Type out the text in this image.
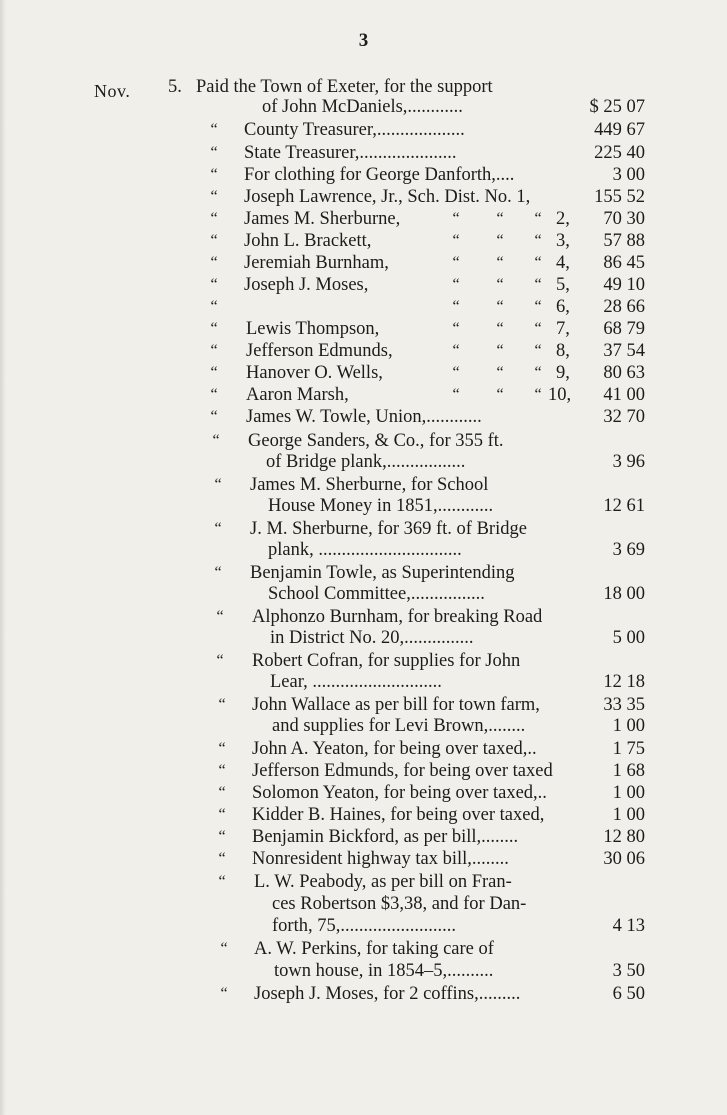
3
Nov. 5. Paid the Town of Exeter, for the support
of John McDaniels,............	$ 25 07
“ County Treasurer,...................	449 67
“ State Treasurer,.....................	225 40
“ For clothing for George Danforth,....	3 00
“ Joseph Lawrence, Jr., Sch. Dist. No. 1,	155 52
“ James M. Sherburne,	“ “ “ 2, 70 30
“ John L. Brackett,	“ “ “ 3, 57 88
“ Jeremiah Burnham,	“ “ “ 4, 86 45
“ Joseph J. Moses,	“ “ “ 5, 49 10
“	“ “ “ 6, 28 66
“ Lewis Thompson,	“ “ “ 7, 68 79
“ Jefferson Edmunds,	“ “ “ 8, 37 54
“ Hanover O. Wells,	“ “ “ 9, 80 63
“ Aaron Marsh,	“ “ “ 10, 41 00
“ James W. Towle, Union,............	32 70
“ George Sanders, & Co., for 355 ft.
of Bridge plank,.................	3 96
“ James M. Sherburne, for School
House Money in 1851,............	12 61
“ J. M. Sherburne, for 369 ft. of Bridge
plank, ...............................	3 69
“ Benjamin Towle, as Superintending
School Committee,................	18 00
“ Alphonzo Burnham, for breaking Road
in District No. 20,...............	5 00
“ Robert Cofran, for supplies for John
Lear, ............................	12 18
“ John Wallace as per bill for town farm,	33 35
and supplies for Levi Brown,........	1 00
“ John A. Yeaton, for being over taxed,..	1 75
“ Jefferson Edmunds, for being over taxed	1 68
“ Solomon Yeaton, for being over taxed,..	1 00
“ Kidder B. Haines, for being over taxed,	1 00
“ Benjamin Bickford, as per bill,........	12 80
“ Nonresident highway tax bill,........	30 06
“ L. W. Peabody, as per bill on Fran-
ces Robertson $3,38, and for Dan-
forth, 75,.........................	4 13
“ A. W. Perkins, for taking care of
town house, in 1854–5,..........	3 50
“ Joseph J. Moses, for 2 coffins,.........	6 50
